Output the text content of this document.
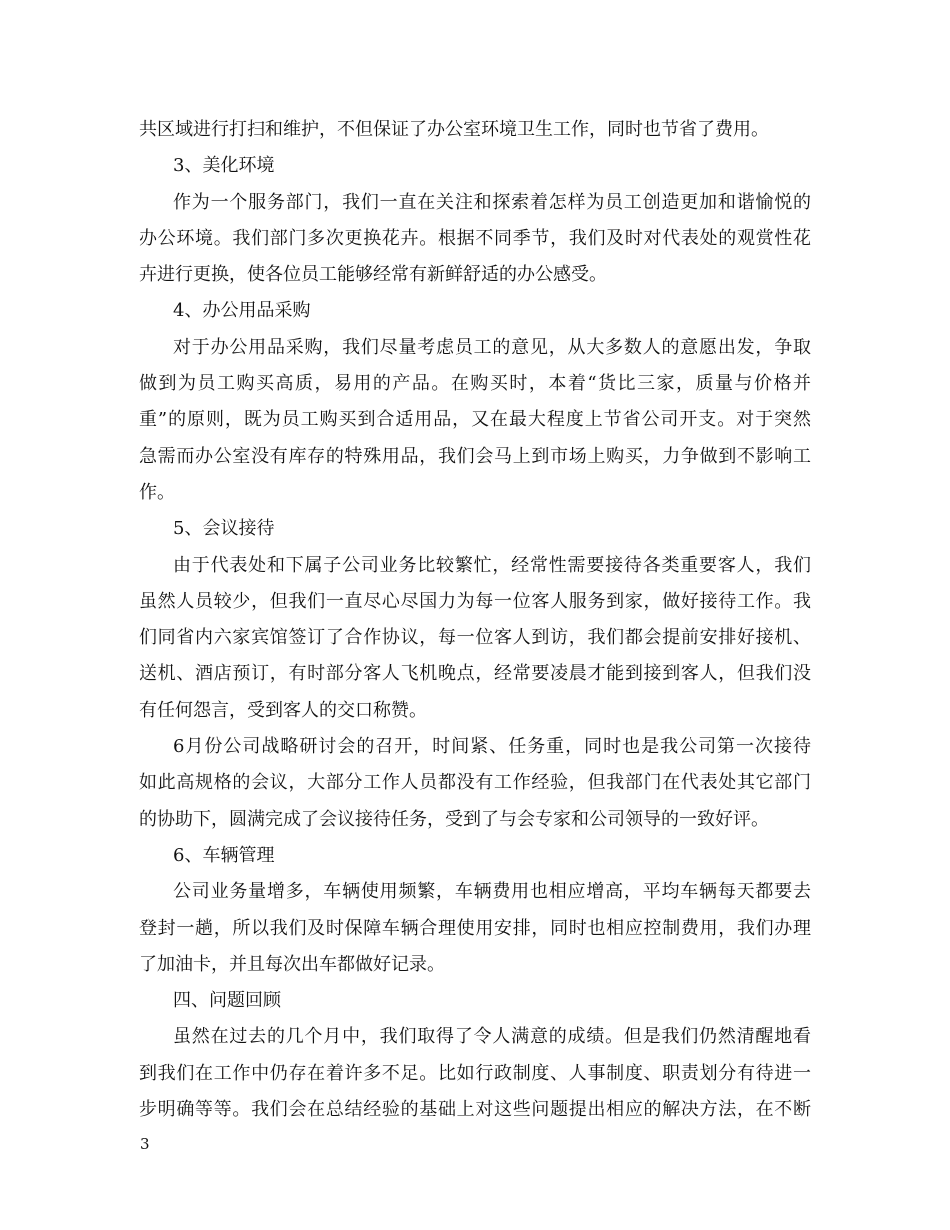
共区域进行打扫和维护，不但保证了办公室环境卫生工作，同时也节省了费用。
3、美化环境
作为一个服务部门，我们一直在关注和探索着怎样为员工创造更加和谐愉悦的
办公环境。我们部门多次更换花卉。根据不同季节，我们及时对代表处的观赏性花
卉进行更换，使各位员工能够经常有新鲜舒适的办公感受。
4、办公用品采购
对于办公用品采购，我们尽量考虑员工的意见，从大多数人的意愿出发，争取
做到为员工购买高质，易用的产品。在购买时，本着“货比三家，质量与价格并
重”的原则，既为员工购买到合适用品，又在最大程度上节省公司开支。对于突然
急需而办公室没有库存的特殊用品，我们会马上到市场上购买，力争做到不影响工
作。
5、会议接待
由于代表处和下属子公司业务比较繁忙，经常性需要接待各类重要客人，我们
虽然人员较少，但我们一直尽心尽国力为每一位客人服务到家，做好接待工作。我
们同省内六家宾馆签订了合作协议，每一位客人到访，我们都会提前安排好接机、
送机、酒店预订，有时部分客人飞机晚点，经常要凌晨才能到接到客人，但我们没
有任何怨言，受到客人的交口称赞。
6月份公司战略研讨会的召开，时间紧、任务重，同时也是我公司第一次接待
如此高规格的会议，大部分工作人员都没有工作经验，但我部门在代表处其它部门
的协助下，圆满完成了会议接待任务，受到了与会专家和公司领导的一致好评。
6、车辆管理
公司业务量增多，车辆使用频繁，车辆费用也相应增高，平均车辆每天都要去
登封一趟，所以我们及时保障车辆合理使用安排，同时也相应控制费用，我们办理
了加油卡，并且每次出车都做好记录。
四、问题回顾
虽然在过去的几个月中，我们取得了令人满意的成绩。但是我们仍然清醒地看
到我们在工作中仍存在着许多不足。比如行政制度、人事制度、职责划分有待进一
步明确等等。我们会在总结经验的基础上对这些问题提出相应的解决方法，在不断
3
